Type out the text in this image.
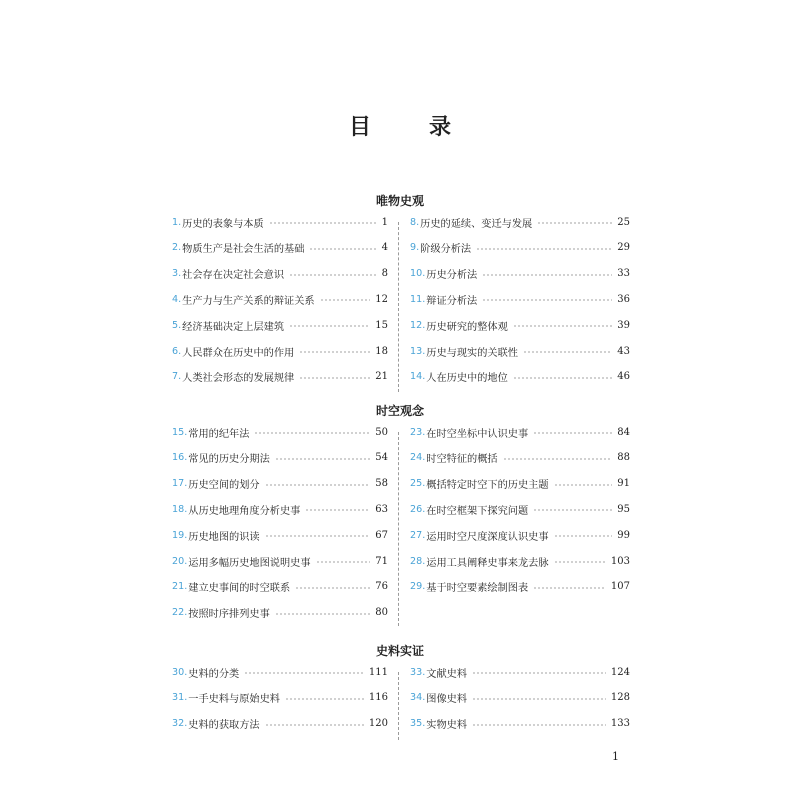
目　录
唯物史观
1. 历史的表象与本质	1
2. 物质生产是社会生活的基础	4
3. 社会存在决定社会意识	8
4. 生产力与生产关系的辩证关系	12
5. 经济基础决定上层建筑	15
6. 人民群众在历史中的作用	18
7. 人类社会形态的发展规律	21
8. 历史的延续、变迁与发展	25
9. 阶级分析法	29
10. 历史分析法	33
11. 辩证分析法	36
12. 历史研究的整体观	39
13. 历史与现实的关联性	43
14. 人在历史中的地位	46
时空观念
15. 常用的纪年法	50
16. 常见的历史分期法	54
17. 历史空间的划分	58
18. 从历史地理角度分析史事	63
19. 历史地图的识读	67
20. 运用多幅历史地图说明史事	71
21. 建立史事间的时空联系	76
22. 按照时序排列史事	80
23. 在时空坐标中认识史事	84
24. 时空特征的概括	88
25. 概括特定时空下的历史主题	91
26. 在时空框架下探究问题	95
27. 运用时空尺度深度认识史事	99
28. 运用工具阐释史事来龙去脉	103
29. 基于时空要素绘制图表	107
史料实证
30. 史料的分类	111
31. 一手史料与原始史料	116
32. 史料的获取方法	120
33. 文献史料	124
34. 图像史料	128
35. 实物史料	133
1
